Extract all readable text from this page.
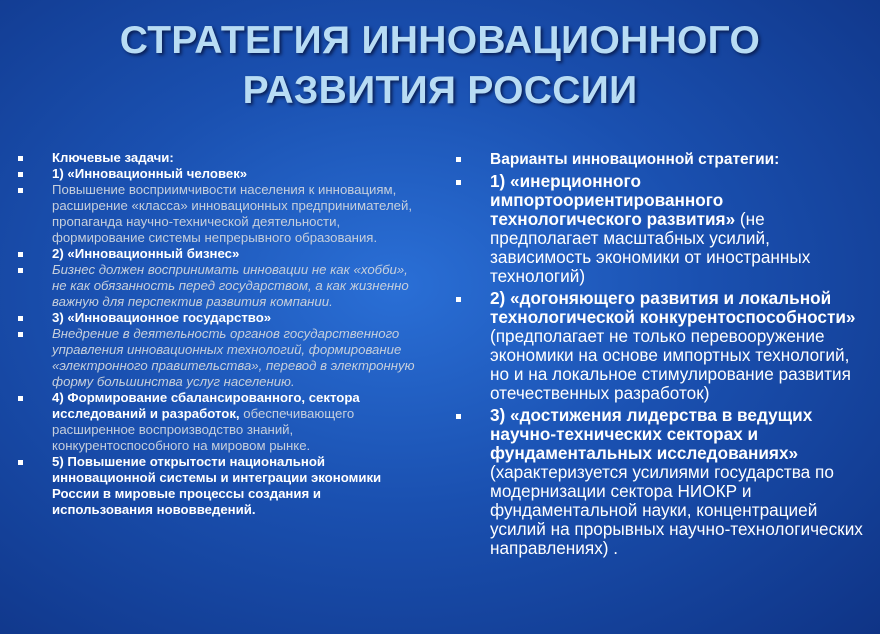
СТРАТЕГИЯ ИННОВАЦИОННОГО
РАЗВИТИЯ РОССИИ
Ключевые задачи:
1) «Инновационный человек»
Повышение восприимчивости населения к инновациям, расширение «класса» инновационных предпринимателей, пропаганда научно-технической деятельности, формирование системы непрерывного образования.
2) «Инновационный бизнес»
Бизнес должен воспринимать инновации не как «хобби», не как обязанность перед государством, а как жизненно важную для перспектив развития компании.
3) «Инновационное государство»
Внедрение в деятельность органов государственного управления инновационных технологий, формирование «электронного правительства», перевод в электронную форму большинства услуг населению.
4) Формирование сбалансированного, сектора исследований и разработок, обеспечивающего расширенное воспроизводство знаний, конкурентоспособного на мировом рынке.
5) Повышение открытости национальной инновационной системы и интеграции экономики России в мировые процессы создания и использования нововведений.
Варианты инновационной стратегии:
1) «инерционного импортоориентированного технологического развития» (не предполагает масштабных усилий, зависимость экономики от иностранных технологий)
2) «догоняющего развития и локальной технологической конкурентоспособности» (предполагает не только перевооружение экономики на основе импортных технологий, но и на локальное стимулирование развития отечественных разработок)
3) «достижения лидерства в ведущих научно-технических секторах и фундаментальных исследованиях» (характеризуется усилиями государства по модернизации сектора НИОКР и фундаментальной науки, концентрацией усилий на прорывных научно-технологических направлениях) .
